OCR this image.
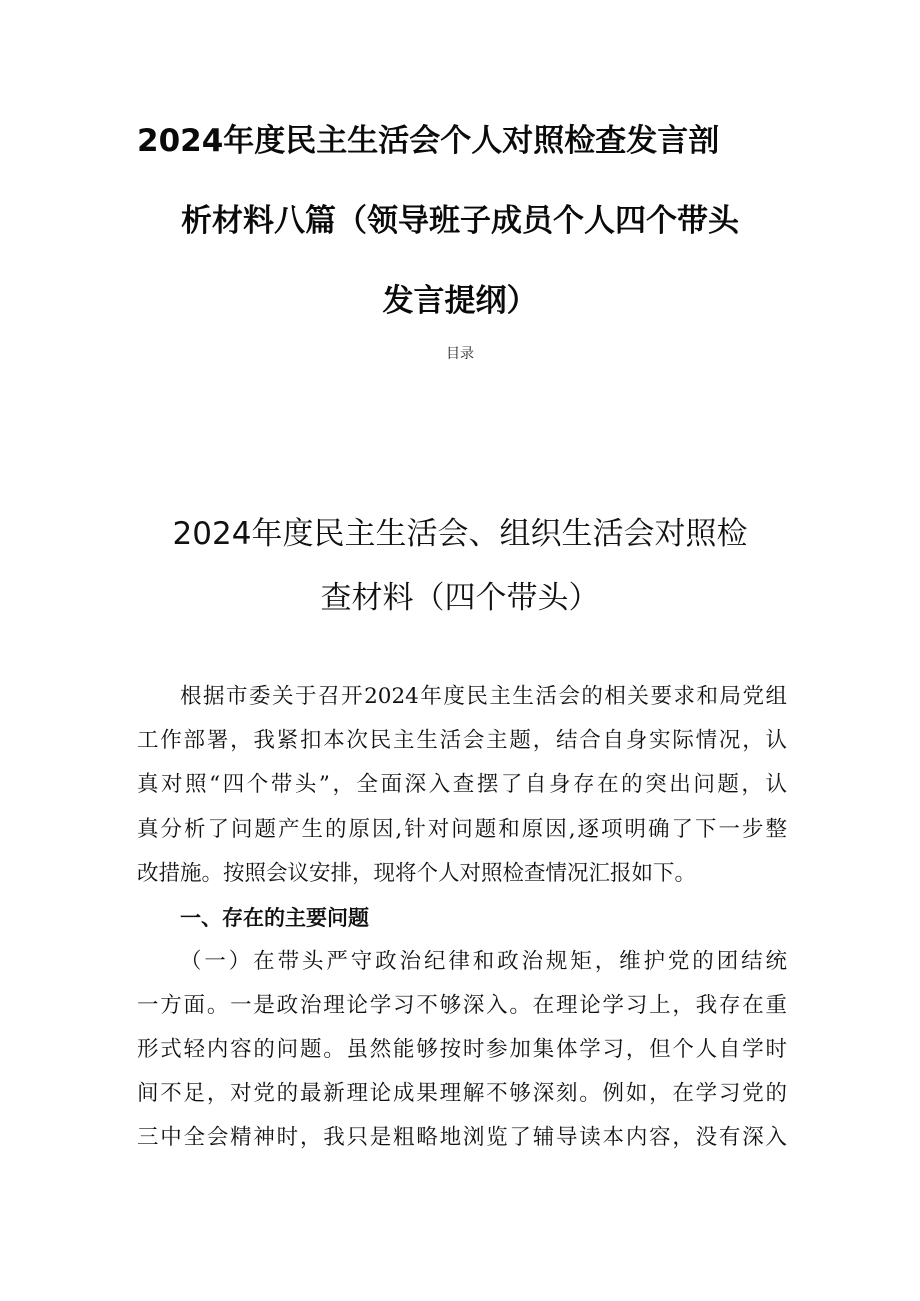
2024年度民主生活会个人对照检查发言剖
析材料八篇（领导班子成员个人四个带头
发言提纲）
目录
2024年度民主生活会、组织生活会对照检
查材料（四个带头）

根据市委关于召开2024年度民主生活会的相关要求和局党组

工作部署，我紧扣本次民主生活会主题，结合自身实际情况，认

真对照“四个带头”，全面深入查摆了自身存在的突出问题，认

真分析了问题产生的原因,针对问题和原因,逐项明确了下一步整

改措施。按照会议安排，现将个人对照检查情况汇报如下。

一、存在的主要问题

（一）在带头严守政治纪律和政治规矩，维护党的团结统

一方面。一是政治理论学习不够深入。在理论学习上，我存在重

形式轻内容的问题。虽然能够按时参加集体学习，但个人自学时

间不足，对党的最新理论成果理解不够深刻。例如，在学习党的

三中全会精神时，我只是粗略地浏览了辅导读本内容，没有深入
